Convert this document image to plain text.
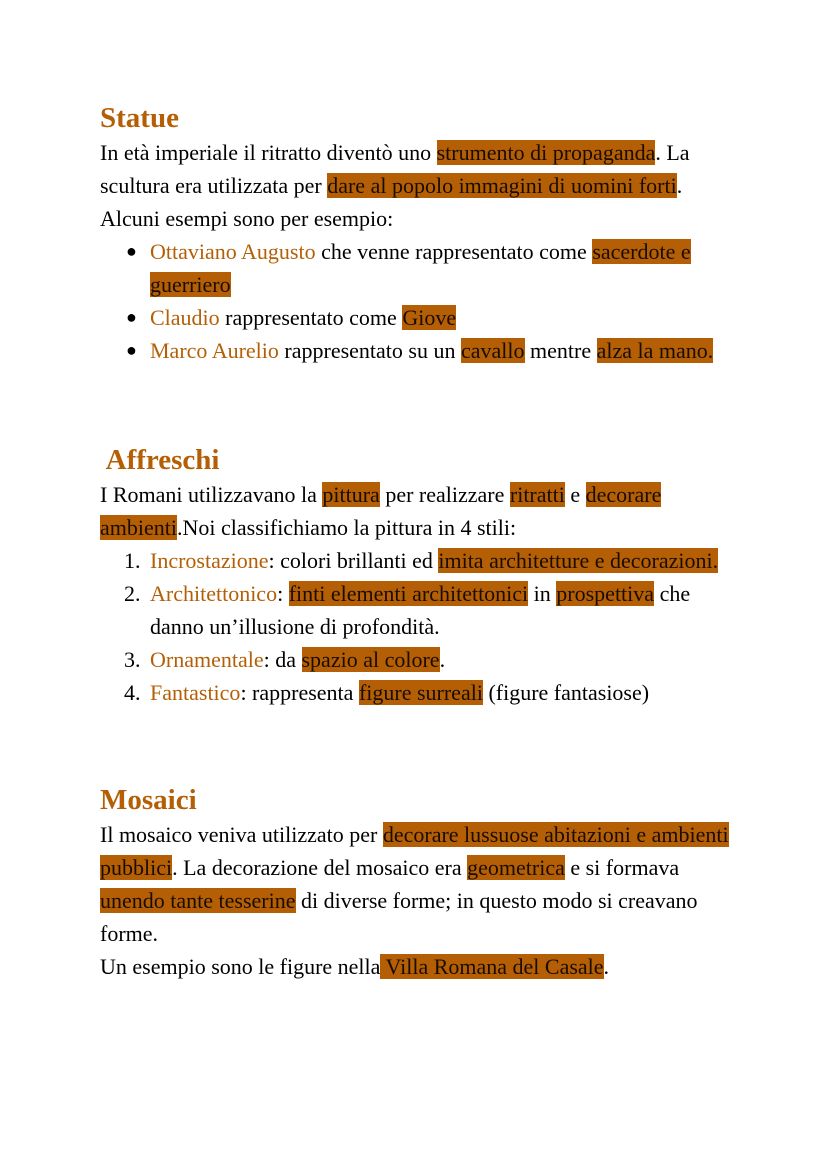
Statue

In età imperiale il ritratto diventò uno strumento di propaganda. La scultura era utilizzata per dare al popolo immagini di uomini forti. Alcuni esempi sono per esempio:

● Ottaviano Augusto che venne rappresentato come sacerdote e guerriero
● Claudio rappresentato come Giove
● Marco Aurelio rappresentato su un cavallo mentre alza la mano.
Affreschi

I Romani utilizzavano la pittura per realizzare ritratti e decorare ambienti.Noi classifichiamo la pittura in 4 stili:

1. Incrostazione: colori brillanti ed imita architetture e decorazioni.
2. Architettonico: finti elementi architettonici in prospettiva che danno un’illusione di profondità.
3. Ornamentale: da spazio al colore.
4. Fantastico: rappresenta figure surreali (figure fantasiose)
Mosaici

Il mosaico veniva utilizzato per decorare lussuose abitazioni e ambienti pubblici. La decorazione del mosaico era geometrica e si formava unendo tante tesserine di diverse forme; in questo modo si creavano forme.

Un esempio sono le figure nella Villa Romana del Casale.
